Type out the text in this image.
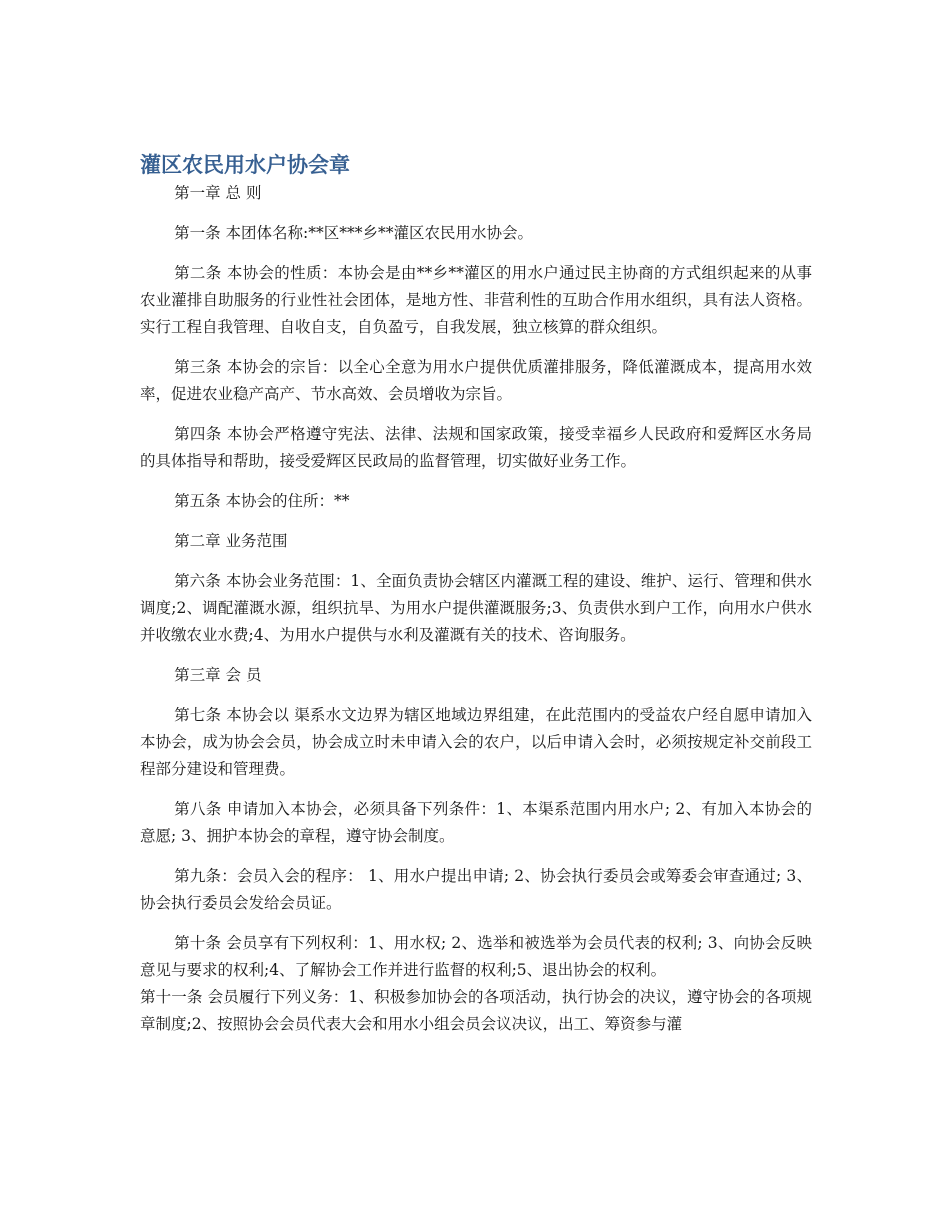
灌区农民用水户协会章

第一章 总 则

第一条 本团体名称:**区***乡**灌区农民用水协会。

第二条 本协会的性质：本协会是由**乡**灌区的用水户通过民主协商的方式组织起来的从事农业灌排自助服务的行业性社会团体，是地方性、非营利性的互助合作用水组织，具有法人资格。实行工程自我管理、自收自支，自负盈亏，自我发展，独立核算的群众组织。

第三条 本协会的宗旨：以全心全意为用水户提供优质灌排服务，降低灌溉成本，提高用水效率，促进农业稳产高产、节水高效、会员增收为宗旨。

第四条 本协会严格遵守宪法、法律、法规和国家政策，接受幸福乡人民政府和爱辉区水务局的具体指导和帮助，接受爱辉区民政局的监督管理，切实做好业务工作。

第五条 本协会的住所：**

第二章 业务范围

第六条 本协会业务范围：1、全面负责协会辖区内灌溉工程的建设、维护、运行、管理和供水调度;2、调配灌溉水源，组织抗旱、为用水户提供灌溉服务;3、负责供水到户工作，向用水户供水并收缴农业水费;4、为用水户提供与水利及灌溉有关的技术、咨询服务。

第三章 会 员

第七条 本协会以 渠系水文边界为辖区地域边界组建，在此范围内的受益农户经自愿申请加入本协会，成为协会会员，协会成立时未申请入会的农户，以后申请入会时，必须按规定补交前段工程部分建设和管理费。

第八条 申请加入本协会，必须具备下列条件：1、本渠系范围内用水户; 2、有加入本协会的意愿; 3、拥护本协会的章程，遵守协会制度。

第九条：会员入会的程序： 1、用水户提出申请; 2、协会执行委员会或筹委会审查通过; 3、协会执行委员会发给会员证。

第十条 会员享有下列权利：1、用水权; 2、选举和被选举为会员代表的权利; 3、向协会反映意见与要求的权利;4、了解协会工作并进行监督的权利;5、退出协会的权利。

第十一条 会员履行下列义务：1、积极参加协会的各项活动，执行协会的决议，遵守协会的各项规章制度;2、按照协会会员代表大会和用水小组会员会议决议，出工、筹资参与灌
